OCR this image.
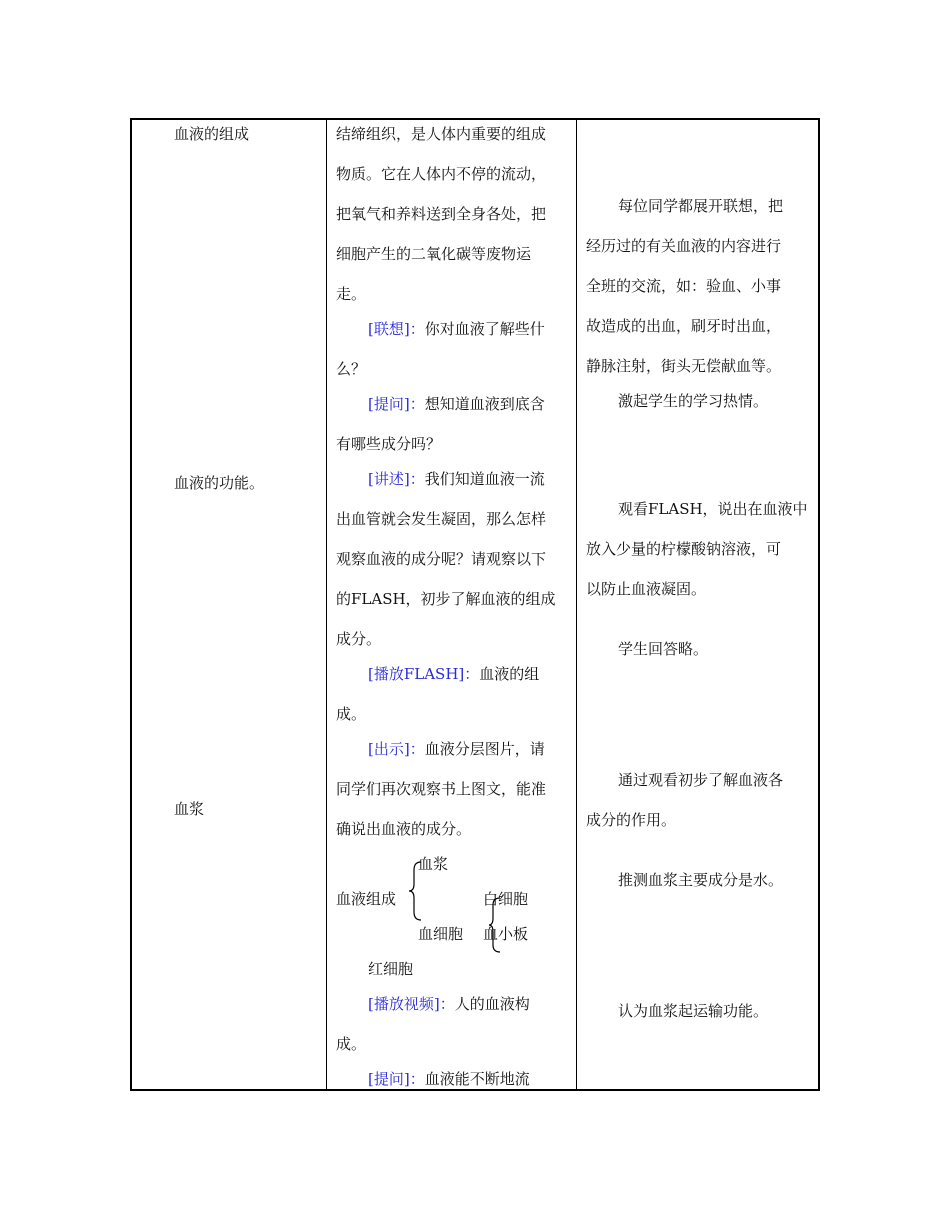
血液的组成
血液的功能。
血浆
结缔组织，是人体内重要的组成
物质。它在人体内不停的流动，
把氧气和养料送到全身各处，把
细胞产生的二氧化碳等废物运
走。
[联想]：你对血液了解些什
么？
[提问]：想知道血液到底含
有哪些成分吗？
[讲述]：我们知道血液一流
出血管就会发生凝固，那么怎样
观察血液的成分呢？请观察以下
的FLASH，初步了解血液的组成
成分。
[播放FLASH]：血液的组
成。
[出示]：血液分层图片，请
同学们再次观察书上图文，能准
确说出血液的成分。
血浆
血液组成	白细胞
血细胞 血小板
红细胞
[播放视频]：人的血液构
成。
[提问]：血液能不断地流
每位同学都展开联想，把
经历过的有关血液的内容进行
全班的交流，如：验血、小事
故造成的出血，刷牙时出血，
静脉注射，街头无偿献血等。
激起学生的学习热情。
观看FLASH，说出在血液中
放入少量的柠檬酸钠溶液，可
以防止血液凝固。
学生回答略。
通过观看初步了解血液各
成分的作用。
推测血浆主要成分是水。
认为血浆起运输功能。
